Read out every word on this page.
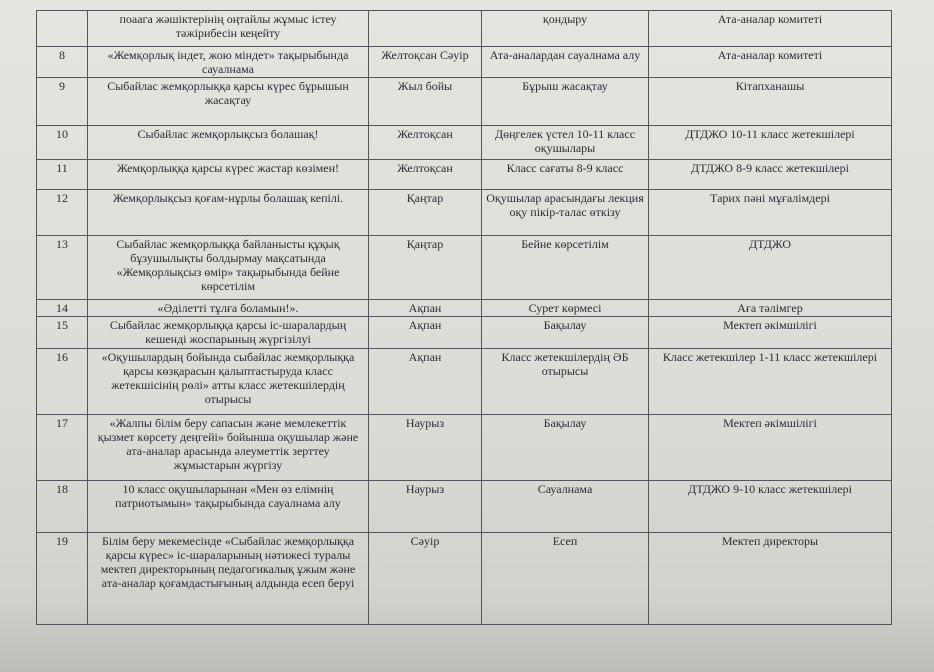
	поаага жәшіктерінің оңтайлы жұмыс істеу тәжірибесін кеңейту		қондыру	Ата-аналар комитеті
8	«Жемқорлық індет, жою міндет» тақырыбында сауалнама	Желтоқсан Сәуір	Ата-аналардан сауалнама алу	Ата-аналар комитеті
9	Сыбайлас жемқорлыққа қарсы күрес бұрышын жасақтау	Жыл бойы	Бұрыш жасақтау	Кітапханашы
10	Сыбайлас жемқорлықсыз болашақ!	Желтоқсан	Дөңгелек үстел 10-11 класс оқушылары	ДТДЖО 10-11 класс жетекшілері
11	Жемқорлыққа қарсы күрес жастар көзімен!	Желтоқсан	Класс сағаты 8-9 класс	ДТДЖО 8-9 класс жетекшілері
12	Жемқорлықсыз қоғам-нұрлы болашақ кепілі.	Қаңтар	Оқушылар арасындағы лекция оқу пікір-талас өткізу	Тарих пәні мұғалімдері
13	Сыбайлас жемқорлыққа байланысты құқық бұзушылықты болдырмау мақсатында «Жемқорлықсыз өмір» тақырыбында бейне көрсетілім	Қаңтар	Бейне көрсетілім	ДТДЖО
14	«Әділетті тұлға боламын!».	Ақпан	Сурет көрмесі	Аға тәлімгер
15	Сыбайлас жемқорлыққа қарсы іс-шаралардың кешенді жоспарының жүргізілуі	Ақпан	Бақылау	Мектеп әкімшілігі
16	«Оқушылардың бойында сыбайлас жемқорлыққа қарсы көзқарасын қалыптастыруда класс жетекшісінің рөлі» атты класс жетекшілердің отырысы	Ақпан	Класс жетекшілердің ӘБ отырысы	Класс жетекшілер 1-11 класс жетекшілері
17	«Жалпы білім беру сапасын және мемлекеттік қызмет көрсету деңгейі» бойынша оқушылар және ата-аналар арасында әлеуметтік зерттеу жұмыстарын жүргізу	Наурыз	Бақылау	Мектеп әкімшілігі
18	10 класс оқушыларынан «Мен өз елімнің патриотымын» тақырыбында сауалнама алу	Наурыз	Сауалнама	ДТДЖО 9-10 класс жетекшілері
19	Білім беру мекемесінде «Сыбайлас жемқорлыққа қарсы күрес» іс-шараларының нәтижесі туралы мектеп директорының педагогикалық ұжым және ата-аналар қоғамдастығының алдында есеп беруі	Сәуір	Есеп	Мектеп директоры
